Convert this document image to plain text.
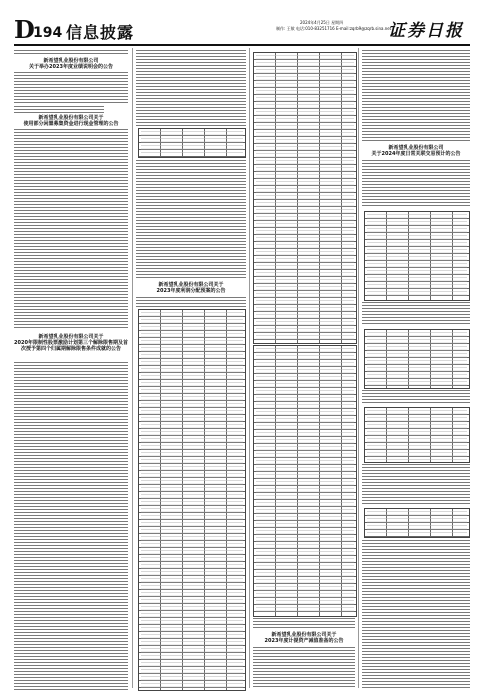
D
194 信息披露
2024年4月25日 星期四
制作: 王敏 电话:010-83251716 E-mail:zqrb9@zqrb.sina.net
证券日报
新希望乳业股份有限公司
关于举办2023年度业绩说明会的公告
新希望乳业股份有限公司关于
使用部分闲置募集资金进行现金管理的公告
新希望乳业股份有限公司关于
2020年限制性股票激励计划第三个解除限售期及首次授予第四个归属期解除限售条件成就的公告
新希望乳业股份有限公司关于
2023年度利润分配预案的公告
新希望乳业股份有限公司关于
2023年度计提资产减值准备的公告
新希望乳业股份有限公司
关于2024年度日常关联交易预计的公告
